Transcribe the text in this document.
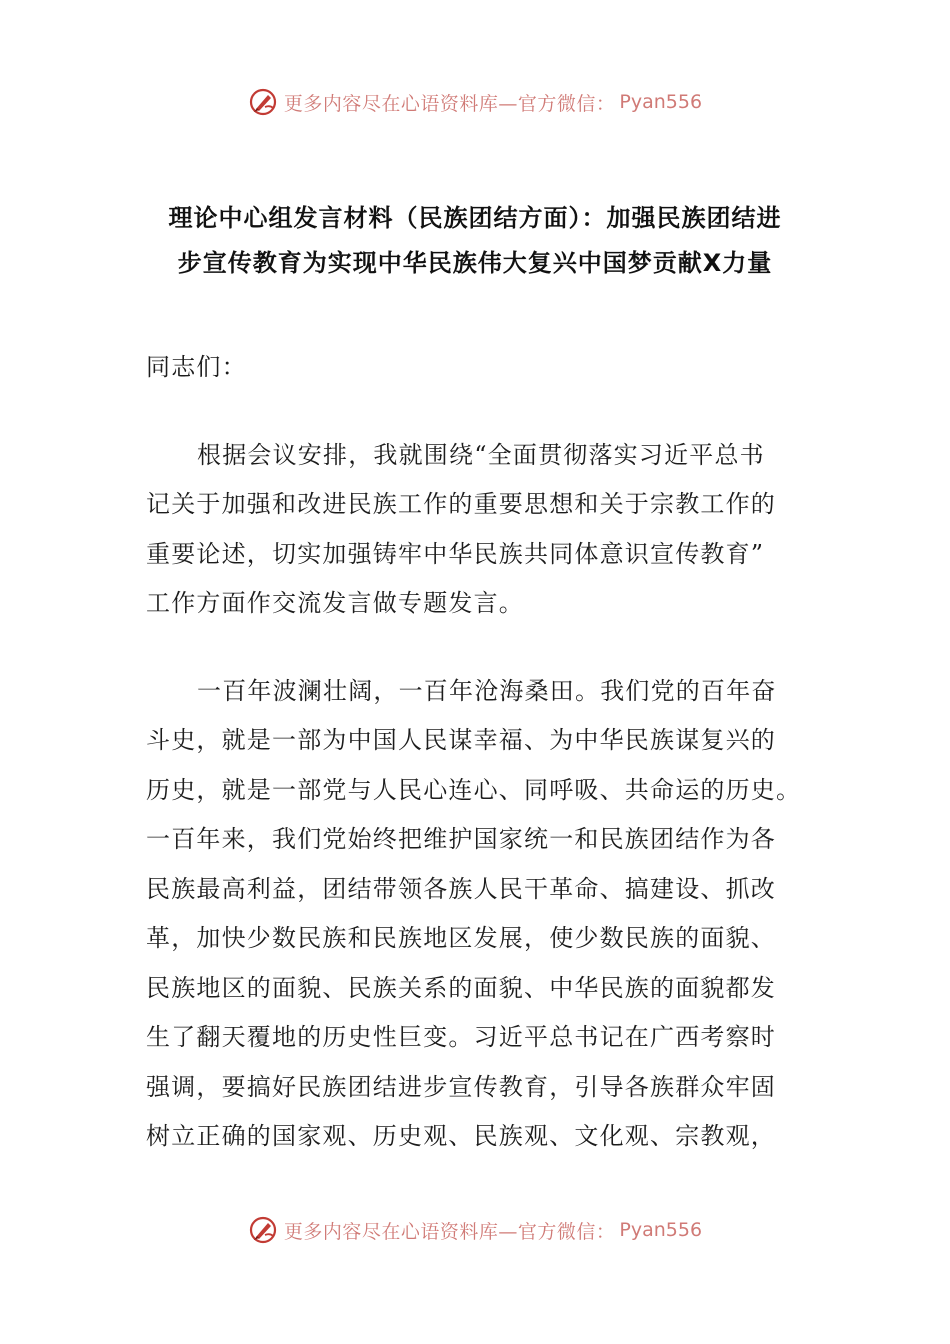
更多内容尽在心语资料库—官方微信： Pyan556
理论中心组发言材料（民族团结方面）：加强民族团结进
步宣传教育为实现中华民族伟大复兴中国梦贡献X力量
同志们：
根据会议安排，我就围绕“全面贯彻落实习近平总书
记关于加强和改进民族工作的重要思想和关于宗教工作的
重要论述，切实加强铸牢中华民族共同体意识宣传教育”
工作方面作交流发言做专题发言。
一百年波澜壮阔，一百年沧海桑田。我们党的百年奋
斗史，就是一部为中国人民谋幸福、为中华民族谋复兴的
历史，就是一部党与人民心连心、同呼吸、共命运的历史。
一百年来，我们党始终把维护国家统一和民族团结作为各
民族最高利益，团结带领各族人民干革命、搞建设、抓改
革，加快少数民族和民族地区发展，使少数民族的面貌、
民族地区的面貌、民族关系的面貌、中华民族的面貌都发
生了翻天覆地的历史性巨变。习近平总书记在广西考察时
强调，要搞好民族团结进步宣传教育，引导各族群众牢固
树立正确的国家观、历史观、民族观、文化观、宗教观，
更多内容尽在心语资料库—官方微信： Pyan556
